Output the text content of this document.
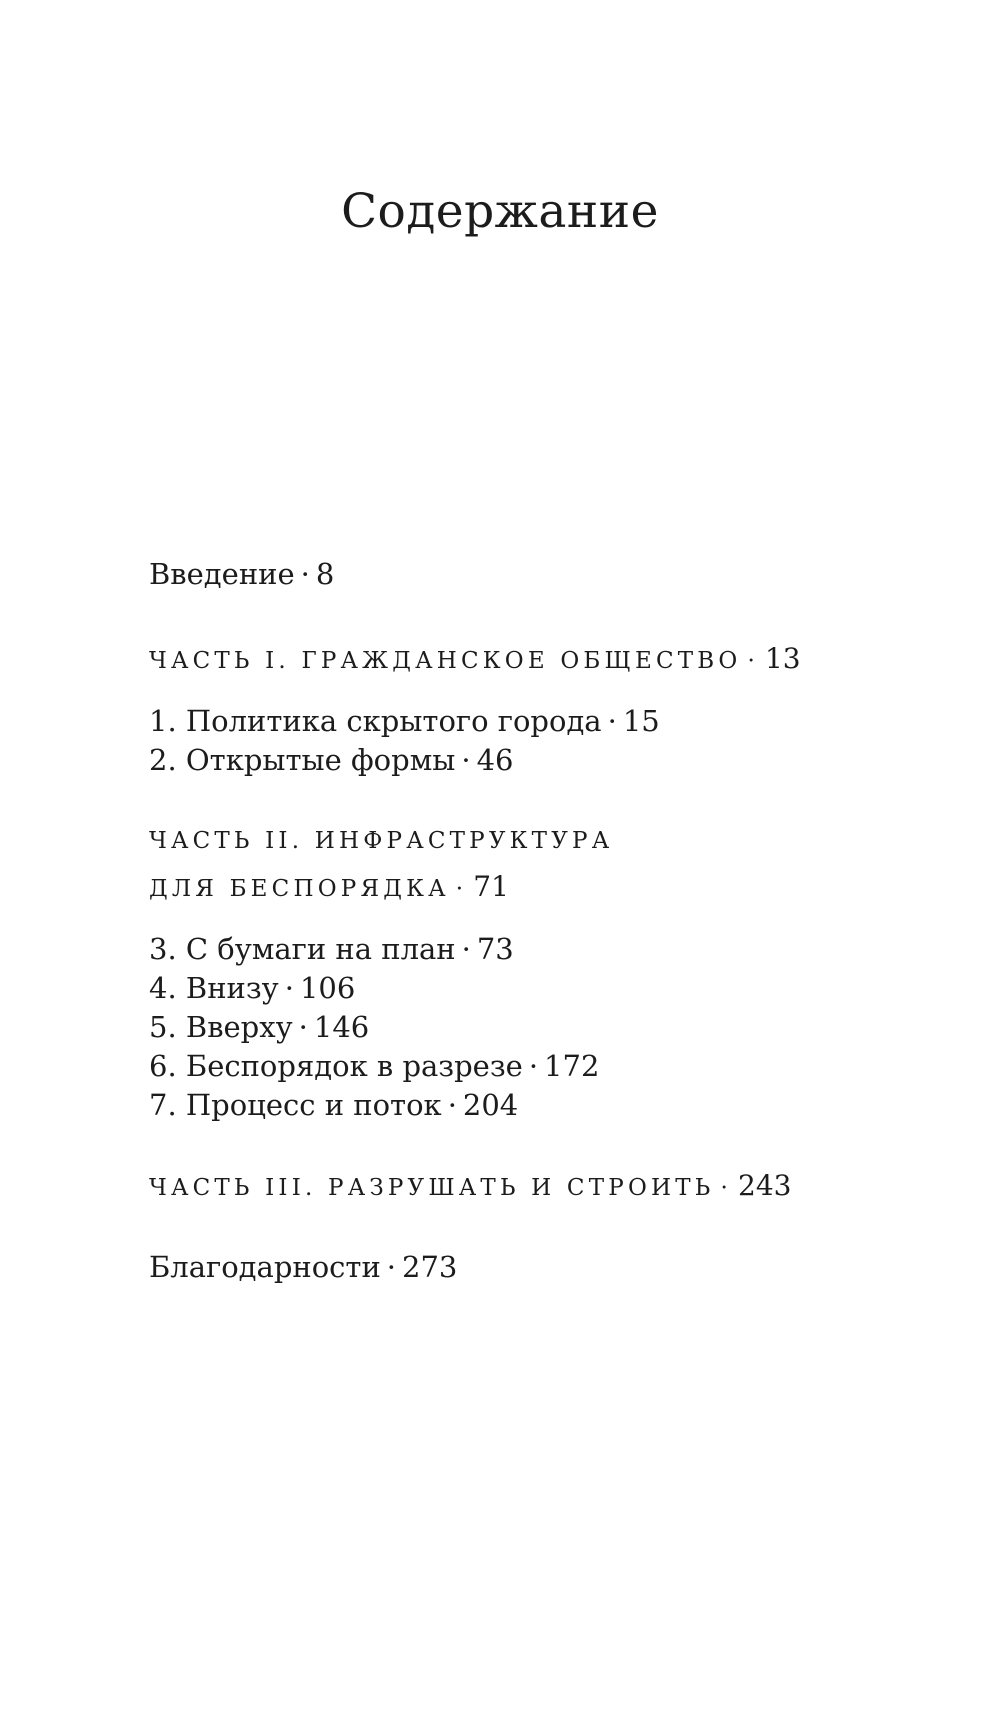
Содержание
Введение · 8
ЧАСТЬ I. ГРАЖДАНСКОЕ ОБЩЕСТВО · 13
1. Политика скрытого города · 15
2. Открытые формы · 46
ЧАСТЬ II. ИНФРАСТРУКТУРА
ДЛЯ БЕСПОРЯДКА · 71
3. С бумаги на план · 73
4. Внизу · 106
5. Вверху · 146
6. Беспорядок в разрезе · 172
7. Процесс и поток · 204
ЧАСТЬ III. РАЗРУШАТЬ И СТРОИТЬ · 243
Благодарности · 273
